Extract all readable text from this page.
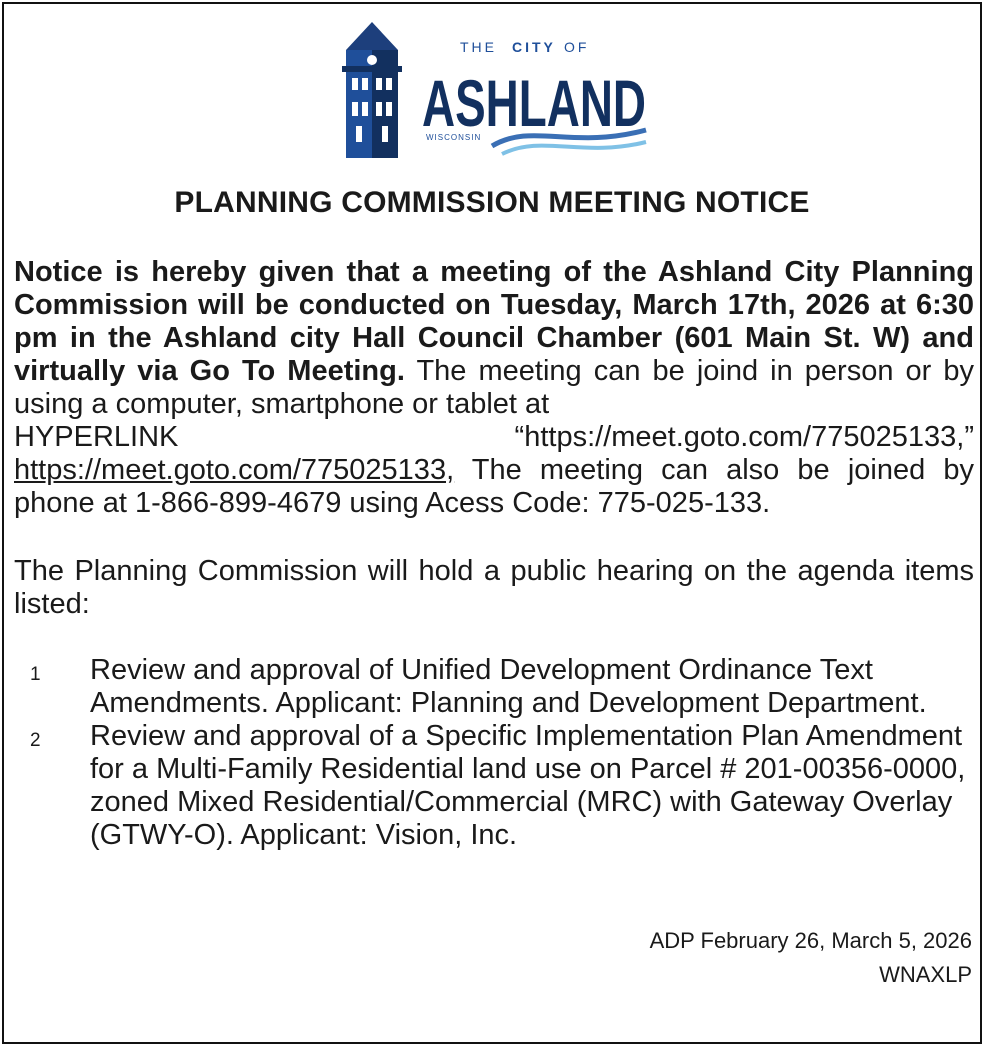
THE CITY OF
ASHLAND
WISCONSIN
PLANNING COMMISSION MEETING NOTICE
Notice is hereby given that a meeting of the Ashland City Planning Commission will be conducted on Tuesday, March 17th, 2026 at 6:30 pm in the Ashland city Hall Council Chamber (601 Main St. W) and virtually via Go To Meeting. The meeting can be joind in person or by using a computer, smartphone or tablet at
HYPERLINK	“https://meet.goto.com/775025133,”
https://meet.goto.com/775025133, The meeting can also be joined by phone at 1-866-899-4679 using Acess Code: 775-025-133.
The Planning Commission will hold a public hearing on the agenda items listed:
1 Review and approval of Unified Development Ordinance Text Amendments. Applicant: Planning and Development Department.
2 Review and approval of a Specific Implementation Plan Amendment for a Multi-Family Residential land use on Parcel # 201-00356-0000, zoned Mixed Residential/Commercial (MRC) with Gateway Overlay (GTWY-O). Applicant: Vision, Inc.
ADP February 26, March 5, 2026
WNAXLP
